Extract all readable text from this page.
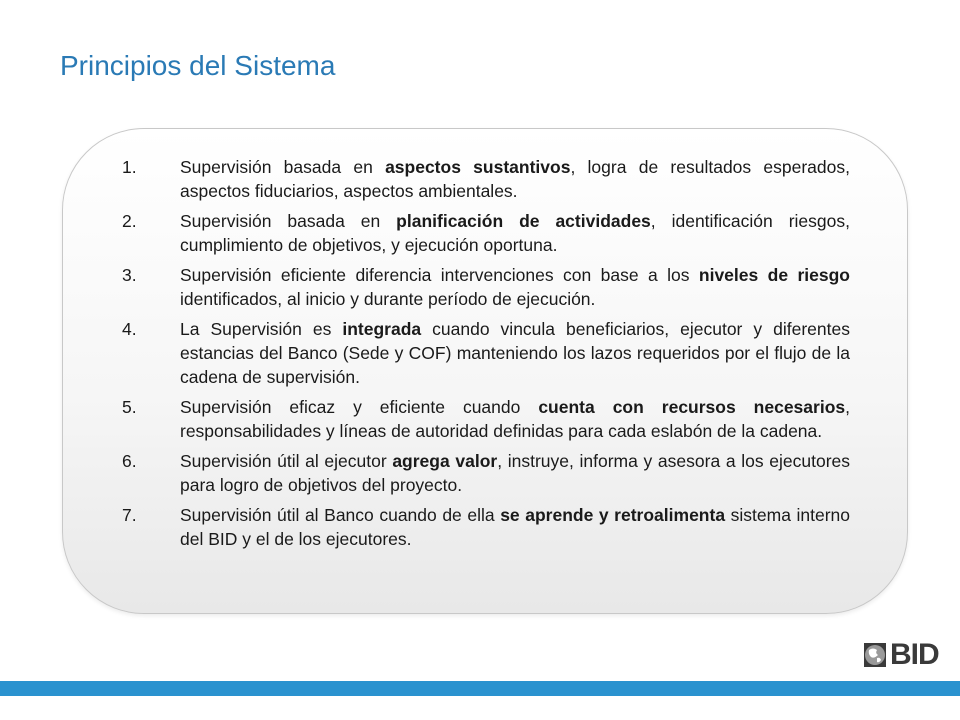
Principios del Sistema
1.	Supervisión basada en aspectos sustantivos, logra de resultados esperados, aspectos fiduciarios, aspectos ambientales.
2.	Supervisión basada en planificación de actividades, identificación riesgos, cumplimiento de objetivos, y ejecución oportuna.
3.	Supervisión eficiente diferencia intervenciones con base a los niveles de riesgo identificados, al inicio y durante período de ejecución.
4.	La Supervisión es integrada cuando vincula beneficiarios, ejecutor y diferentes estancias del Banco (Sede y COF) manteniendo los lazos requeridos por el flujo de la cadena de supervisión.
5.	Supervisión eficaz y eficiente cuando cuenta con recursos necesarios, responsabilidades y líneas de autoridad definidas para cada eslabón de la cadena.
6.	Supervisión útil al ejecutor agrega valor, instruye, informa y asesora a los ejecutores para logro de objetivos del proyecto.
7.	Supervisión útil al Banco cuando de ella se aprende y retroalimenta sistema interno del BID y el de los ejecutores.
BID
